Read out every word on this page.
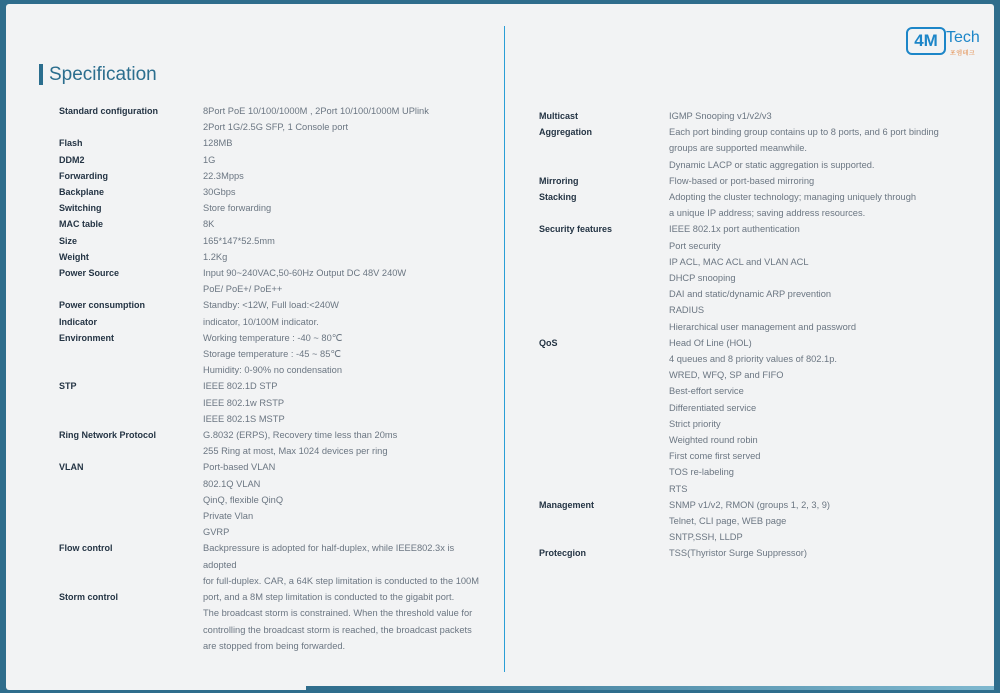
4M Tech
포엠테크
Specification
Standard configuration	8Port PoE 10/100/1000M , 2Port 10/100/1000M UPlink
2Port 1G/2.5G SFP, 1 Console port
Flash	128MB
DDM2	1G
Forwarding	22.3Mpps
Backplane	30Gbps
Switching	Store forwarding
MAC table	8K
Size	165*147*52.5mm
Weight	1.2Kg
Power Source	Input 90~240VAC,50-60Hz Output DC 48V 240W
PoE/ PoE+/ PoE++
Power consumption	Standby: <12W, Full load:<240W
Indicator	indicator, 10/100M indicator.
Environment	Working temperature : -40 ~ 80℃
Storage temperature : -45 ~ 85℃
Humidity: 0-90% no condensation
STP	IEEE 802.1D STP
IEEE 802.1w RSTP
IEEE 802.1S MSTP
Ring Network Protocol	G.8032 (ERPS), Recovery time less than 20ms
255 Ring at most, Max 1024 devices per ring
VLAN	Port-based VLAN
802.1Q VLAN
QinQ, flexible QinQ
Private Vlan
GVRP
Flow control	Backpressure is adopted for half-duplex, while IEEE802.3x is
adopted
for full-duplex. CAR, a 64K step limitation is conducted to the 100M
Storm control	port, and a 8M step limitation is conducted to the gigabit port.
The broadcast storm is constrained. When the threshold value for
controlling the broadcast storm is reached, the broadcast packets
are stopped from being forwarded.
Multicast	IGMP Snooping v1/v2/v3
Aggregation	Each port binding group contains up to 8 ports, and 6 port binding
groups are supported meanwhile.
Dynamic LACP or static aggregation is supported.
Mirroring	Flow-based or port-based mirroring
Stacking	Adopting the cluster technology; managing uniquely through
a unique IP address; saving address resources.
Security features	IEEE 802.1x port authentication
Port security
IP ACL, MAC ACL and VLAN ACL
DHCP snooping
DAI and static/dynamic ARP prevention
RADIUS
Hierarchical user management and password
QoS	Head Of Line (HOL)
4 queues and 8 priority values of 802.1p.
WRED, WFQ, SP and FIFO
Best-effort service
Differentiated service
Strict priority
Weighted round robin
First come first served
TOS re-labeling
RTS
Management	SNMP v1/v2, RMON (groups 1, 2, 3, 9)
Telnet, CLI page, WEB page
SNTP,SSH, LLDP
Protecgion	TSS(Thyristor Surge Suppressor)
